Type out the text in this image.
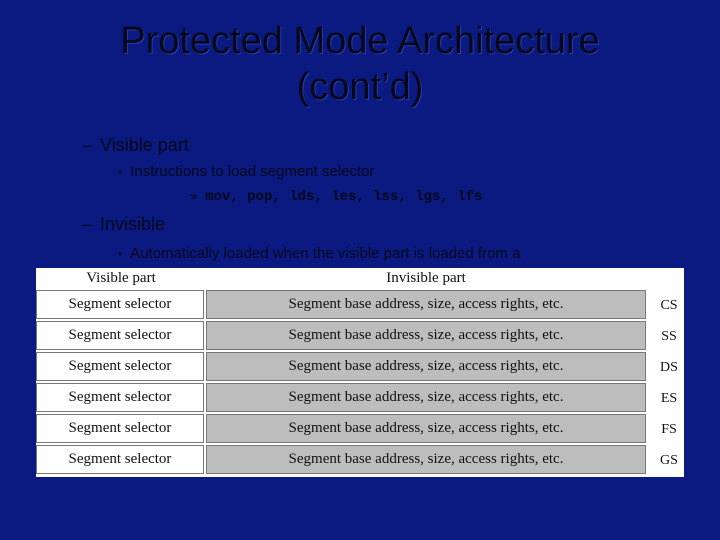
Protected Mode Architecture
(cont’d)
– Visible part
• Instructions to load segment selector
» mov, pop, lds, les, lss, lgs, lfs
– Invisible
• Automatically loaded when the visible part is loaded from a
Visible part	Invisible part
Segment selector	Segment base address, size, access rights, etc.	CS
Segment selector	Segment base address, size, access rights, etc.	SS
Segment selector	Segment base address, size, access rights, etc.	DS
Segment selector	Segment base address, size, access rights, etc.	ES
Segment selector	Segment base address, size, access rights, etc.	FS
Segment selector	Segment base address, size, access rights, etc.	GS
